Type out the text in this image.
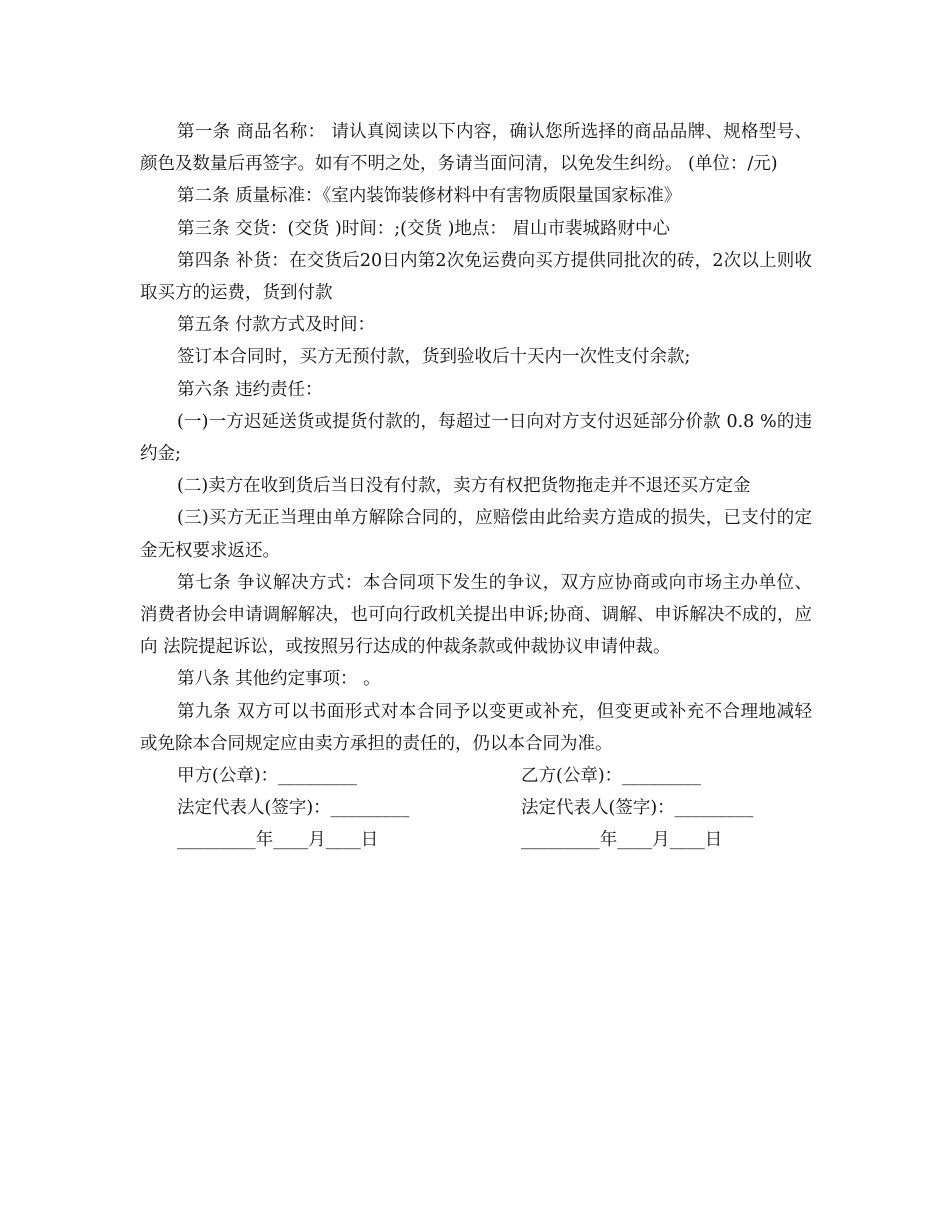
第一条 商品名称： 请认真阅读以下内容，确认您所选择的商品品牌、规格型号、颜色及数量后再签字。如有不明之处，务请当面问清，以免发生纠纷。 (单位：/元)

第二条 质量标准：《室内装饰装修材料中有害物质限量国家标准》

第三条 交货：(交货 )时间：;(交货 )地点： 眉山市裴城路财中心

第四条 补货：在交货后20日内第2次免运费向买方提供同批次的砖，2次以上则收取买方的运费，货到付款

第五条 付款方式及时间：

签订本合同时，买方无预付款，货到验收后十天内一次性支付余款;

第六条 违约责任：

(一)一方迟延送货或提货付款的，每超过一日向对方支付迟延部分价款 0.8 %的违约金;

(二)卖方在收到货后当日没有付款，卖方有权把货物拖走并不退还买方定金

(三)买方无正当理由单方解除合同的，应赔偿由此给卖方造成的损失，已支付的定金无权要求返还。

第七条 争议解决方式：本合同项下发生的争议，双方应协商或向市场主办单位、消费者协会申请调解解决，也可向行政机关提出申诉;协商、调解、申诉解决不成的，应向 法院提起诉讼，或按照另行达成的仲裁条款或仲裁协议申请仲裁。

第八条 其他约定事项： 。

第九条 双方可以书面形式对本合同予以变更或补充，但变更或补充不合理地减轻或免除本合同规定应由卖方承担的责任的，仍以本合同为准。

甲方(公章)：_________	乙方(公章)：_________
法定代表人(签字)：_________	法定代表人(签字)：_________
_________年____月____日	_________年____月____日
